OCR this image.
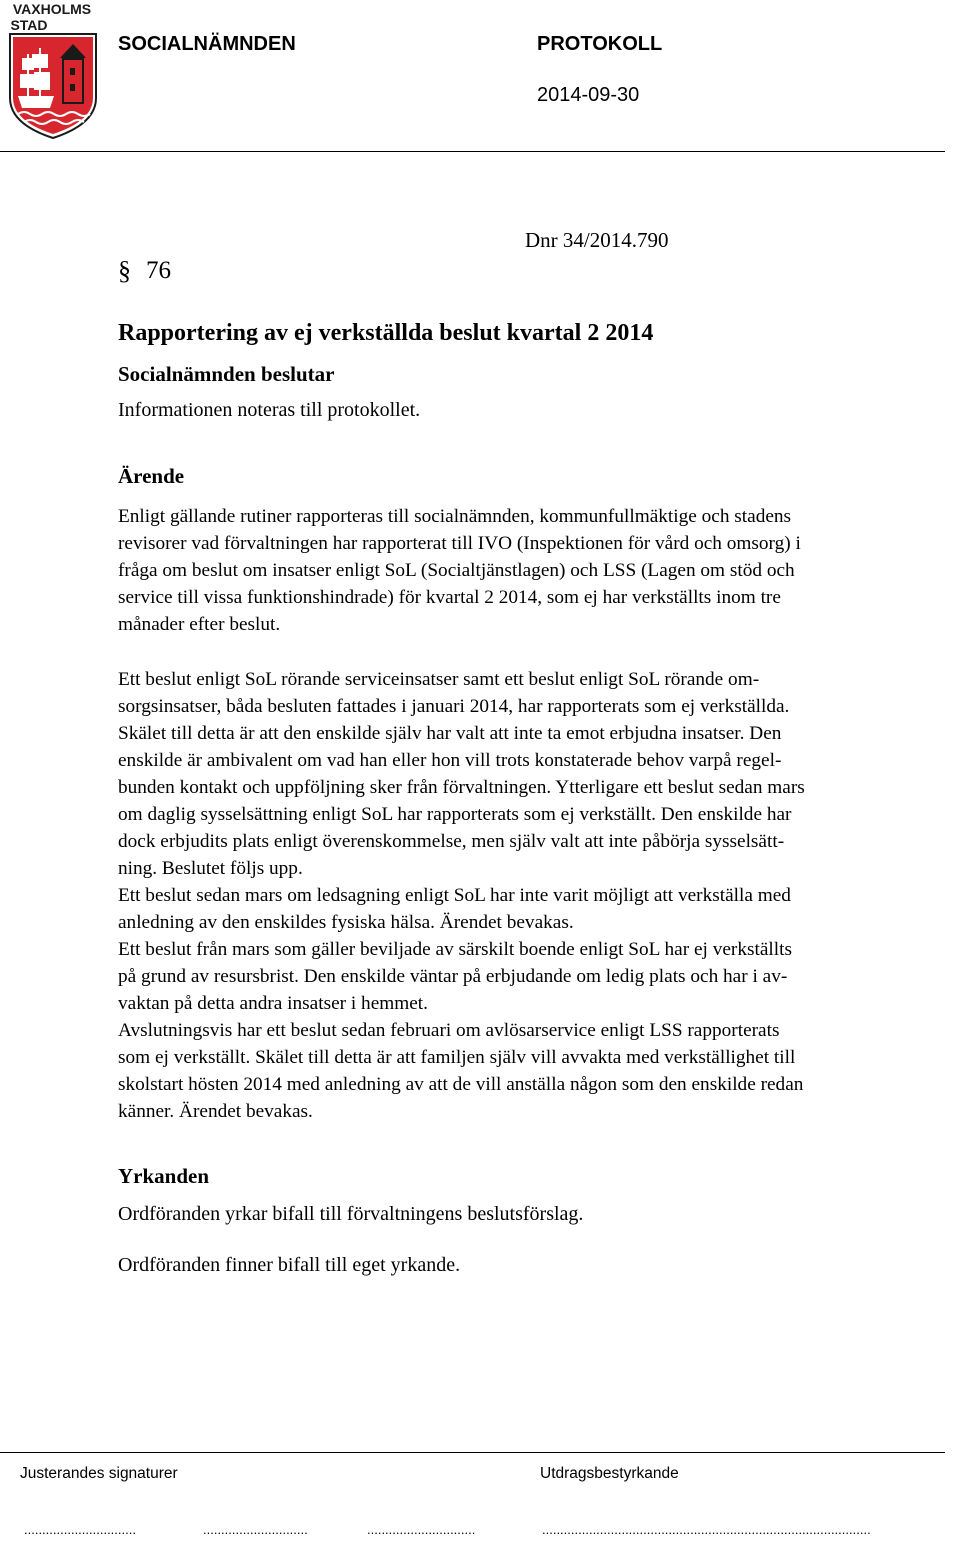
VAXHOLMS
STAD
SOCIALNÄMNDEN	PROTOKOLL
2014-09-30
§ 76
Dnr 34/2014.790
Rapportering av ej verkställda beslut kvartal 2 2014
Socialnämnden beslutar
Informationen noteras till protokollet.
Ärende

Enligt gällande rutiner rapporteras till socialnämnden, kommunfullmäktige och stadens

revisorer vad förvaltningen har rapporterat till IVO (Inspektionen för vård och omsorg) i

fråga om beslut om insatser enligt SoL (Socialtjänstlagen) och LSS (Lagen om stöd och

service till vissa funktionshindrade) för kvartal 2 2014, som ej har verkställts inom tre

månader efter beslut.

Ett beslut enligt SoL rörande serviceinsatser samt ett beslut enligt SoL rörande om-

sorgsinsatser, båda besluten fattades i januari 2014, har rapporterats som ej verkställda.

Skälet till detta är att den enskilde själv har valt att inte ta emot erbjudna insatser. Den

enskilde är ambivalent om vad han eller hon vill trots konstaterade behov varpå regel-

bunden kontakt och uppföljning sker från förvaltningen. Ytterligare ett beslut sedan mars

om daglig sysselsättning enligt SoL har rapporterats som ej verkställt. Den enskilde har

dock erbjudits plats enligt överenskommelse, men själv valt att inte påbörja sysselsätt-

ning. Beslutet följs upp.

Ett beslut sedan mars om ledsagning enligt SoL har inte varit möjligt att verkställa med

anledning av den enskildes fysiska hälsa. Ärendet bevakas.

Ett beslut från mars som gäller beviljade av särskilt boende enligt SoL har ej verkställts

på grund av resursbrist. Den enskilde väntar på erbjudande om ledig plats och har i av-

vaktan på detta andra insatser i hemmet.

Avslutningsvis har ett beslut sedan februari om avlösarservice enligt LSS rapporterats

som ej verkställt. Skälet till detta är att familjen själv vill avvakta med verkställighet till

skolstart hösten 2014 med anledning av att de vill anställa någon som den enskilde redan

känner. Ärendet bevakas.

Yrkanden
Ordföranden yrkar bifall till förvaltningens beslutsförslag.
Ordföranden finner bifall till eget yrkande.
Justerandes signaturer	Utdragsbestyrkande
...............................	.............................	..............................	...........................................................................................
